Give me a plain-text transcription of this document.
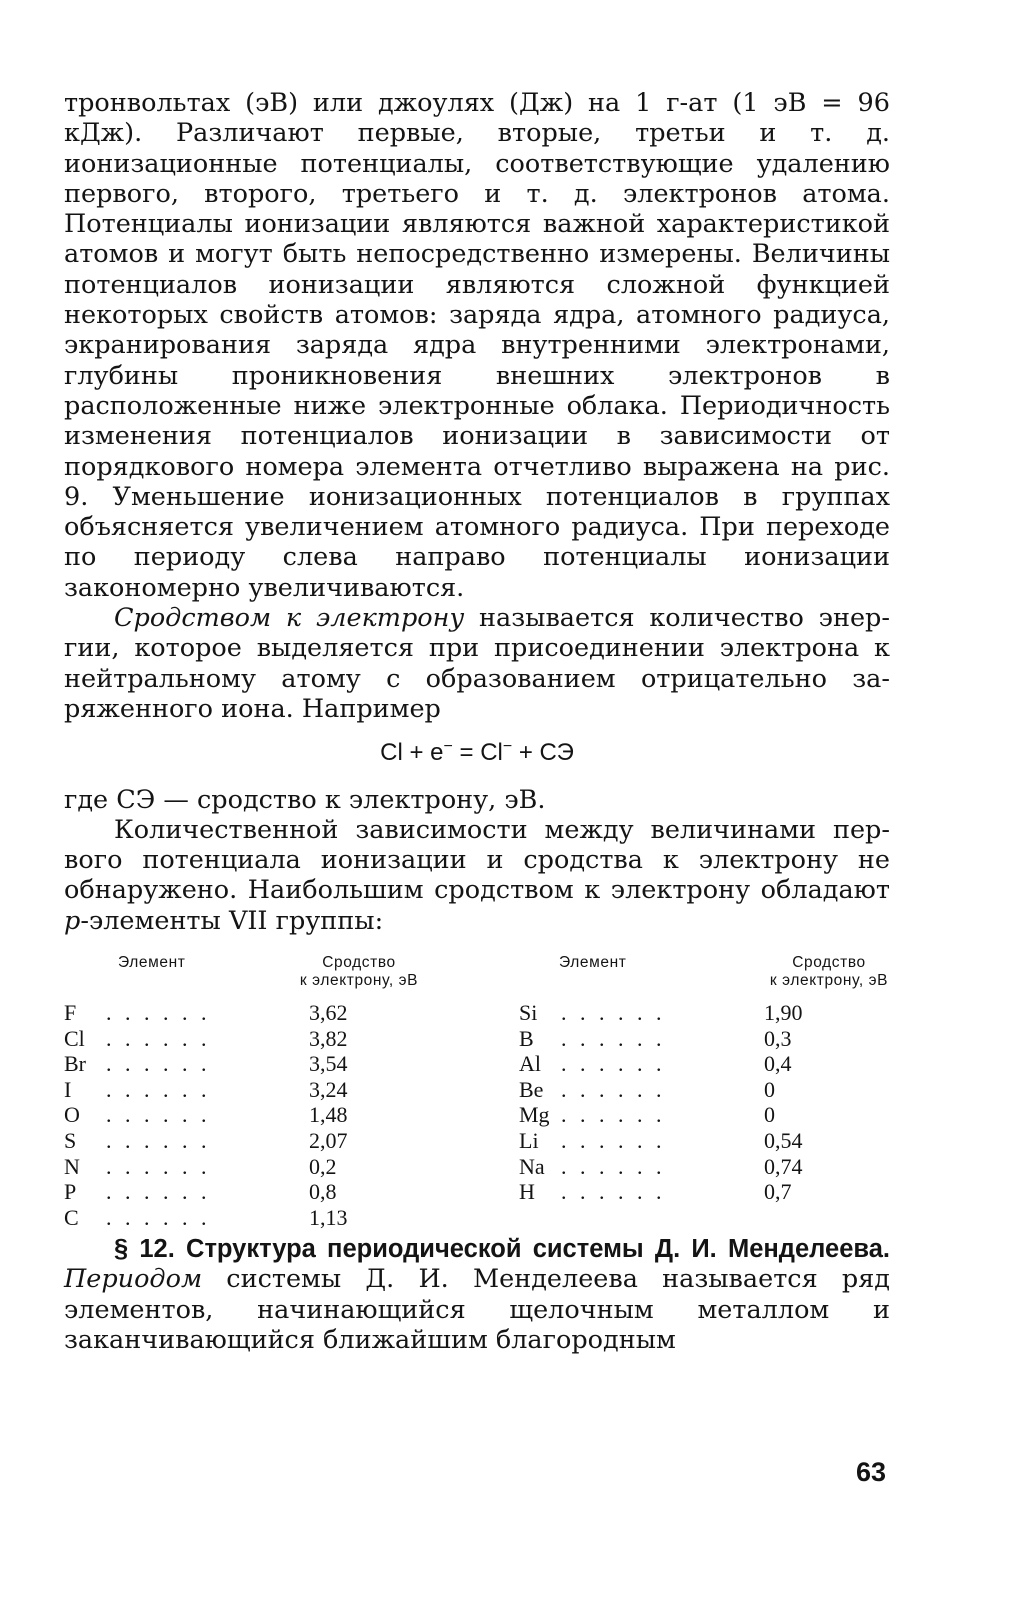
тронвольтах (эВ) или джоулях (Дж) на 1 г-ат (1 эВ = 96 кДж). Различают первые, вторые, третьи и т. д. ионизационные потенциалы, соответствующие удалению первого, второго, третьего и т. д. электронов атома. Потенциалы ионизации являются важной характеристикой атомов и могут быть непосредственно измерены. Величины потенциалов ионизации являются сложной функцией некоторых свойств атомов: заряда ядра, атомного радиуса, экранирования заряда ядра внутренними электронами, глубины проникновения внешних электронов в расположенные ниже электронные облака. Периодичность изменения потенциалов ионизации в зависимости от порядкового номера элемента отчетливо выражена на рис. 9. Уменьшение ионизационных потенциалов в группах объясняется увеличением атомного радиуса. При переходе по периоду слева направо потенциалы ионизации закономерно увеличиваются.

Сродством к электрону называется количество энергии, которое выделяется при присоединении электрона к нейтральному атому с образованием отрицательно заряженного иона. Например

Cl + e− = Cl− + СЭ

где СЭ — сродство к электрону, эВ.

Количественной зависимости между величинами первого потенциала ионизации и сродства к электрону не обнаружено. Наибольшим сродством к электрону обладают p-элементы VII группы:

Элемент	Сродство
к электрону, эВ
F . . . . . .	3,62
Cl . . . . . .	3,82
Br . . . . . .	3,54
I . . . . . .	3,24
O . . . . . .	1,48
S . . . . . .	2,07
N . . . . . .	0,2
P . . . . . .	0,8
C . . . . . .	1,13
Элемент	Сродство
к электрону, эВ
Si . . . . . .	1,90
B . . . . . .	0,3
Al . . . . . .	0,4
Be . . . . . .	0
Mg . . . . . .	0
Li . . . . . .	0,54
Na . . . . . .	0,74
H . . . . . .	0,7

§ 12. Структура периодической системы Д. И. Менделеева. Периодом системы Д. И. Менделеева называется ряд элементов, начинающийся щелочным металлом и заканчивающийся ближайшим благородным

63
